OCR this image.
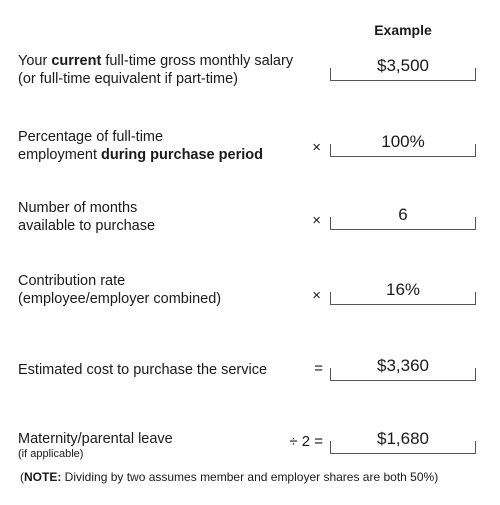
Example
Your current full-time gross monthly salary
(or full-time equivalent if part-time)
$3,500
Percentage of full-time
employment during purchase period	×	100%
Number of months
available to purchase	×	6
Contribution rate
(employee/employer combined)	×	16%
Estimated cost to purchase the service	=	$3,360
Maternity/parental leave
(if applicable)
÷ 2 =	$1,680
(NOTE: Dividing by two assumes member and employer shares are both 50%)
